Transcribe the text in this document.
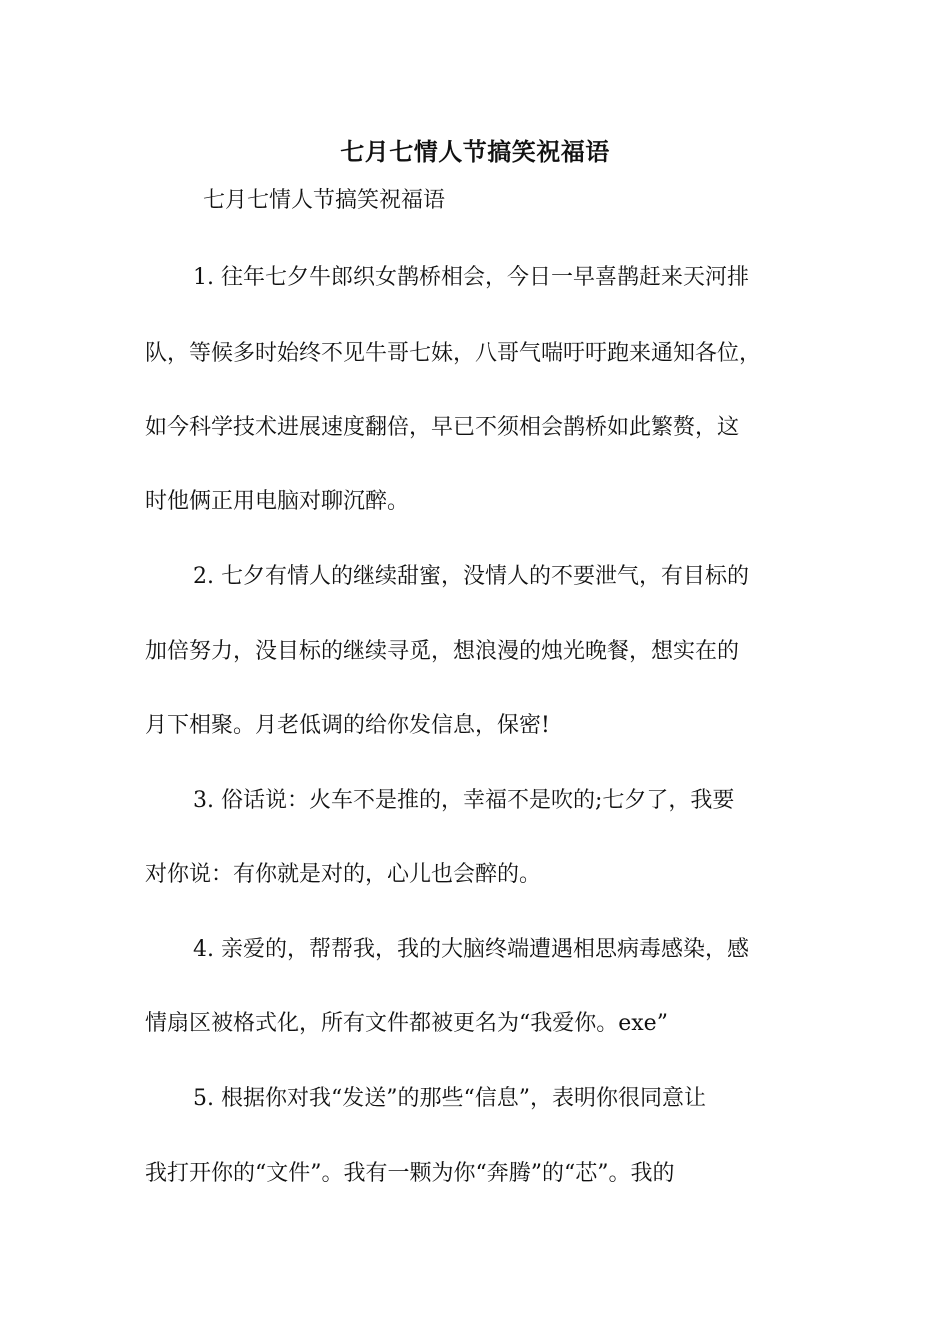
七月七情人节搞笑祝福语
七月七情人节搞笑祝福语
1. 往年七夕牛郎织女鹊桥相会，今日一早喜鹊赶来天河排
队，等候多时始终不见牛哥七妹，八哥气喘吁吁跑来通知各位，
如今科学技术进展速度翻倍，早已不须相会鹊桥如此繁赘，这
时他俩正用电脑对聊沉醉。
2. 七夕有情人的继续甜蜜，没情人的不要泄气，有目标的
加倍努力，没目标的继续寻觅，想浪漫的烛光晚餐，想实在的
月下相聚。月老低调的给你发信息，保密!
3. 俗话说：火车不是推的，幸福不是吹的;七夕了，我要
对你说：有你就是对的，心儿也会醉的。
4. 亲爱的，帮帮我，我的大脑终端遭遇相思病毒感染，感
情扇区被格式化，所有文件都被更名为“我爱你。exe”
5. 根据你对我“发送”的那些“信息”，表明你很同意让
我打开你的“文件”。我有一颗为你“奔腾”的“芯”。我的
